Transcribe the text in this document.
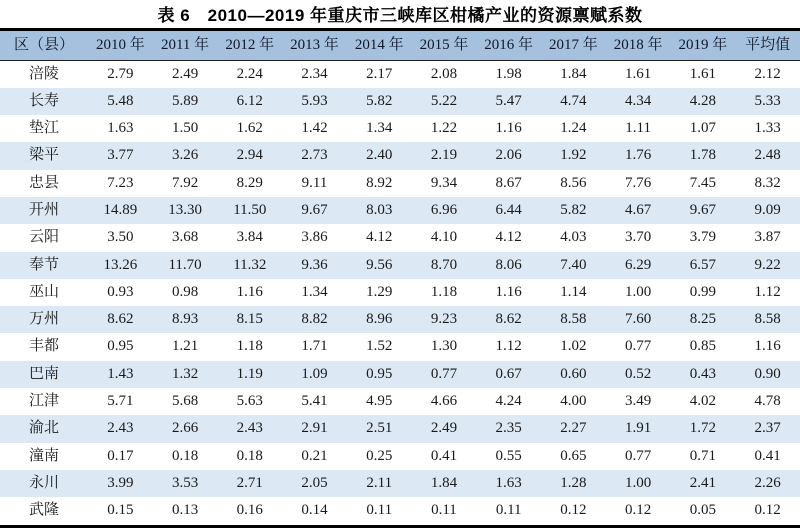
表 6　2010—2019 年重庆市三峡库区柑橘产业的资源禀赋系数
区（县）	2010 年	2011 年	2012 年	2013 年	2014 年	2015 年	2016 年	2017 年	2018 年	2019 年	平均值
涪陵	2.79	2.49	2.24	2.34	2.17	2.08	1.98	1.84	1.61	1.61	2.12
长寿	5.48	5.89	6.12	5.93	5.82	5.22	5.47	4.74	4.34	4.28	5.33
垫江	1.63	1.50	1.62	1.42	1.34	1.22	1.16	1.24	1.11	1.07	1.33
梁平	3.77	3.26	2.94	2.73	2.40	2.19	2.06	1.92	1.76	1.78	2.48
忠县	7.23	7.92	8.29	9.11	8.92	9.34	8.67	8.56	7.76	7.45	8.32
开州	14.89	13.30	11.50	9.67	8.03	6.96	6.44	5.82	4.67	9.67	9.09
云阳	3.50	3.68	3.84	3.86	4.12	4.10	4.12	4.03	3.70	3.79	3.87
奉节	13.26	11.70	11.32	9.36	9.56	8.70	8.06	7.40	6.29	6.57	9.22
巫山	0.93	0.98	1.16	1.34	1.29	1.18	1.16	1.14	1.00	0.99	1.12
万州	8.62	8.93	8.15	8.82	8.96	9.23	8.62	8.58	7.60	8.25	8.58
丰都	0.95	1.21	1.18	1.71	1.52	1.30	1.12	1.02	0.77	0.85	1.16
巴南	1.43	1.32	1.19	1.09	0.95	0.77	0.67	0.60	0.52	0.43	0.90
江津	5.71	5.68	5.63	5.41	4.95	4.66	4.24	4.00	3.49	4.02	4.78
渝北	2.43	2.66	2.43	2.91	2.51	2.49	2.35	2.27	1.91	1.72	2.37
潼南	0.17	0.18	0.18	0.21	0.25	0.41	0.55	0.65	0.77	0.71	0.41
永川	3.99	3.53	2.71	2.05	2.11	1.84	1.63	1.28	1.00	2.41	2.26
武隆	0.15	0.13	0.16	0.14	0.11	0.11	0.11	0.12	0.12	0.05	0.12
